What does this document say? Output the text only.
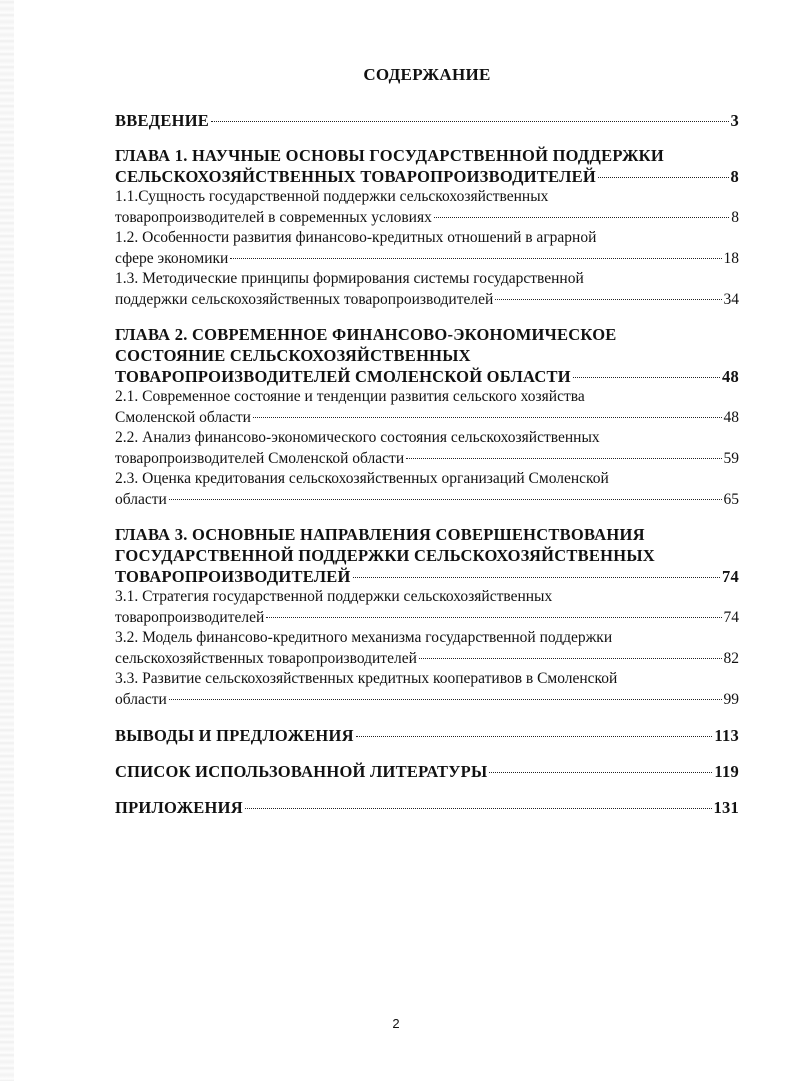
СОДЕРЖАНИЕ
ВВЕДЕНИЕ	3
ГЛАВА 1. НАУЧНЫЕ ОСНОВЫ ГОСУДАРСТВЕННОЙ ПОДДЕРЖКИ
СЕЛЬСКОХОЗЯЙСТВЕННЫХ ТОВАРОПРОИЗВОДИТЕЛЕЙ	8
1.1.Сущность государственной поддержки сельскохозяйственных
товаропроизводителей в современных условиях	8
1.2. Особенности развития финансово-кредитных отношений в аграрной
сфере экономики	18
1.3. Методические принципы формирования системы государственной
поддержки сельскохозяйственных товаропроизводителей	34
ГЛАВА 2. СОВРЕМЕННОЕ ФИНАНСОВО-ЭКОНОМИЧЕСКОЕ
СОСТОЯНИЕ СЕЛЬСКОХОЗЯЙСТВЕННЫХ
ТОВАРОПРОИЗВОДИТЕЛЕЙ СМОЛЕНСКОЙ ОБЛАСТИ	48
2.1. Современное состояние и тенденции развития сельского хозяйства
Смоленской области	48
2.2. Анализ финансово-экономического состояния сельскохозяйственных
товаропроизводителей Смоленской области	59
2.3. Оценка кредитования сельскохозяйственных организаций Смоленской
области	65
ГЛАВА 3. ОСНОВНЫЕ НАПРАВЛЕНИЯ СОВЕРШЕНСТВОВАНИЯ
ГОСУДАРСТВЕННОЙ ПОДДЕРЖКИ СЕЛЬСКОХОЗЯЙСТВЕННЫХ
ТОВАРОПРОИЗВОДИТЕЛЕЙ	74
3.1. Стратегия государственной поддержки сельскохозяйственных
товаропроизводителей	74
3.2. Модель финансово-кредитного механизма государственной поддержки
сельскохозяйственных товаропроизводителей	82
3.3. Развитие сельскохозяйственных кредитных кооперативов в Смоленской
области	99
ВЫВОДЫ И ПРЕДЛОЖЕНИЯ	113
СПИСОК ИСПОЛЬЗОВАННОЙ ЛИТЕРАТУРЫ	119
ПРИЛОЖЕНИЯ	131
2
